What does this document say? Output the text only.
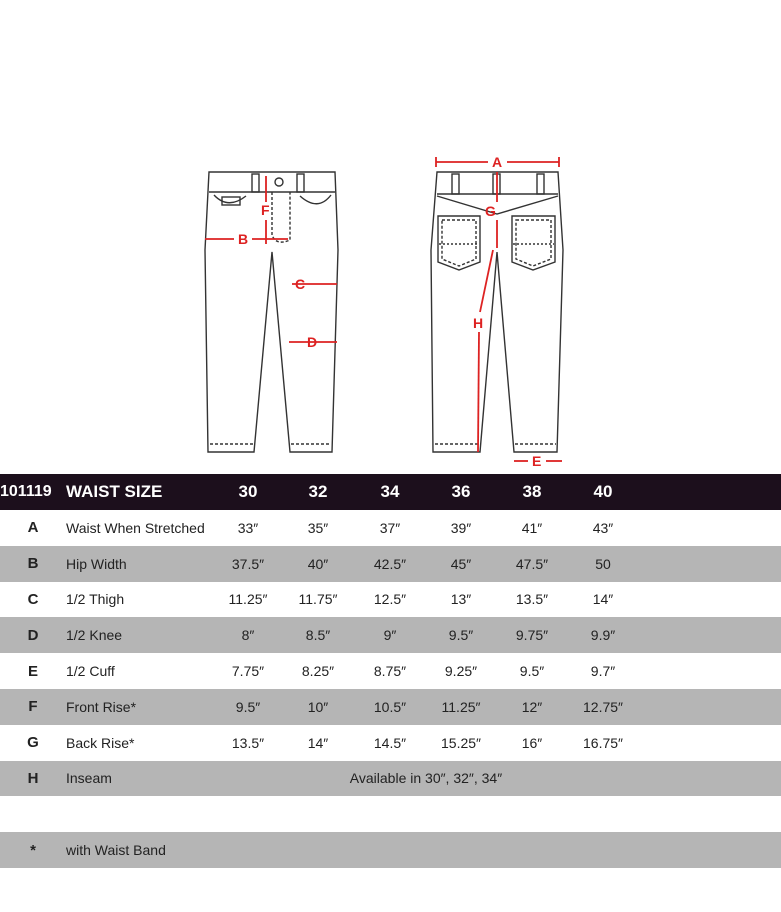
A
B
C
D
E
F	G
H
101119	WAIST SIZE	30	32	34	36	38	40	
A	Waist When Stretched	33″	35″	37″	39″	41″	43″	
B	Hip Width	37.5″	40″	42.5″	45″	47.5″	50	
C	1/2 Thigh	11.25″	11.75″	12.5″	13″	13.5″	14″	
D	1/2 Knee	8″	8.5″	9″	9.5″	9.75″	9.9″	
E	1/2 Cuff	7.75″	8.25″	8.75″	9.25″	9.5″	9.7″	
F	Front Rise*	9.5″	10″	10.5″	11.25″	12″	12.75″	
G	Back Rise*	13.5″	14″	14.5″	15.25″	16″	16.75″	
H	Inseam	Available in 30″, 32″, 34″						

*	with Waist Band							
